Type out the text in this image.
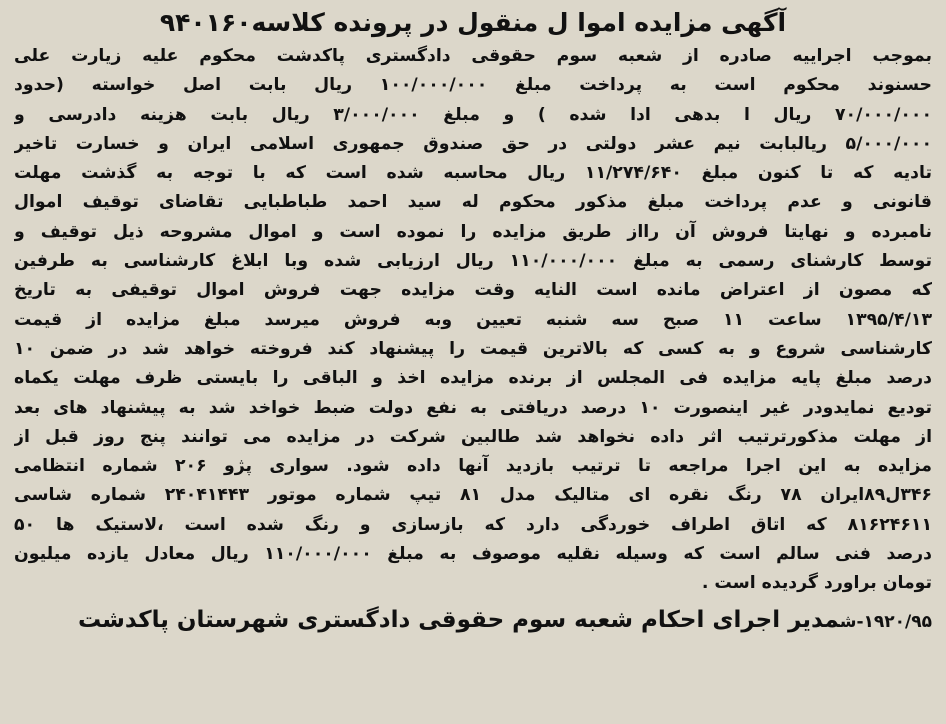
آگهی مزایده اموا ل منقول در پرونده کلاسه۹۴۰۱۶۰
بموجب اجراییه صادره از شعبه سوم حقوقی دادگستری پاکدشت محکوم علیه زیارت علی
حسنوند محکوم است به پرداخت مبلغ ۱۰۰/۰۰۰/۰۰۰ ریال بابت اصل خواسته (حدود
۷۰/۰۰۰/۰۰۰ ریال ا بدهی ادا شده ) و مبلغ ۳/۰۰۰/۰۰۰ ریال بابت هزینه دادرسی و
۵/۰۰۰/۰۰۰ ریالبابت نیم عشر دولتی در حق صندوق جمهوری اسلامی ایران و خسارت تاخیر
تادیه که تا کنون مبلغ ۱۱/۲۷۴/۶۴۰ ریال محاسبه شده است که با توجه به گذشت مهلت
قانونی و عدم پرداخت مبلغ مذکور محکوم له سید احمد طباطبایی تقاضای توقیف اموال
نامبرده و نهایتا فروش آن رااز طریق مزایده را نموده است و اموال مشروحه ذیل توقیف و
توسط کارشنای رسمی به مبلغ ۱۱۰/۰۰۰/۰۰۰ ریال ارزیابی شده وبا ابلاغ کارشناسی به طرفین
که مصون از اعتراض مانده است النایه وقت مزایده جهت فروش اموال توقیفی به تاریخ
۱۳۹۵/۴/۱۳ ساعت ۱۱ صبح سه شنبه تعیین وبه فروش میرسد مبلغ مزایده از قیمت
کارشناسی شروع و به کسی که بالاترین قیمت را پیشنهاد کند فروخته خواهد شد در ضمن ۱۰
درصد مبلغ پایه مزایده فی المجلس از برنده مزایده اخذ و الباقی را بایستی ظرف مهلت یکماه
توديع نمايدودر غير اينصورت ۱۰ درصد دريافتی به نفع دولت ضبط خواخد شد به پیشنهاد های بعد
از مهلت مذکورترتیب اثر داده نخواهد شد طالبین شرکت در مزایده می توانند پنج روز قبل از
مزایده به این اجرا مراجعه تا ترتیب بازدید آنها داده شود. سواری پژو ۲۰۶ شماره انتظامی
۳۴۶ل۸۹ایران ۷۸ رنگ نقره ای متالیک مدل ۸۱ تیپ شماره موتور ۲۴۰۴۱۴۴۳ شماره شاسی
۸۱۶۲۴۶۱۱ که اتاق اطراف خوردگی دارد که بازسازی و رنگ شده است ،لاستیک ها ۵۰
درصد فنی سالم است که وسیله نقلیه موصوف به مبلغ ۱۱۰/۰۰۰/۰۰۰ ریال معادل یازده میلیون
تومان براورد گردیده است .
۱۹۲۰/۹۵-شمدیر اجرای احکام شعبه سوم حقوقی دادگستری شهرستان پاکدشت
